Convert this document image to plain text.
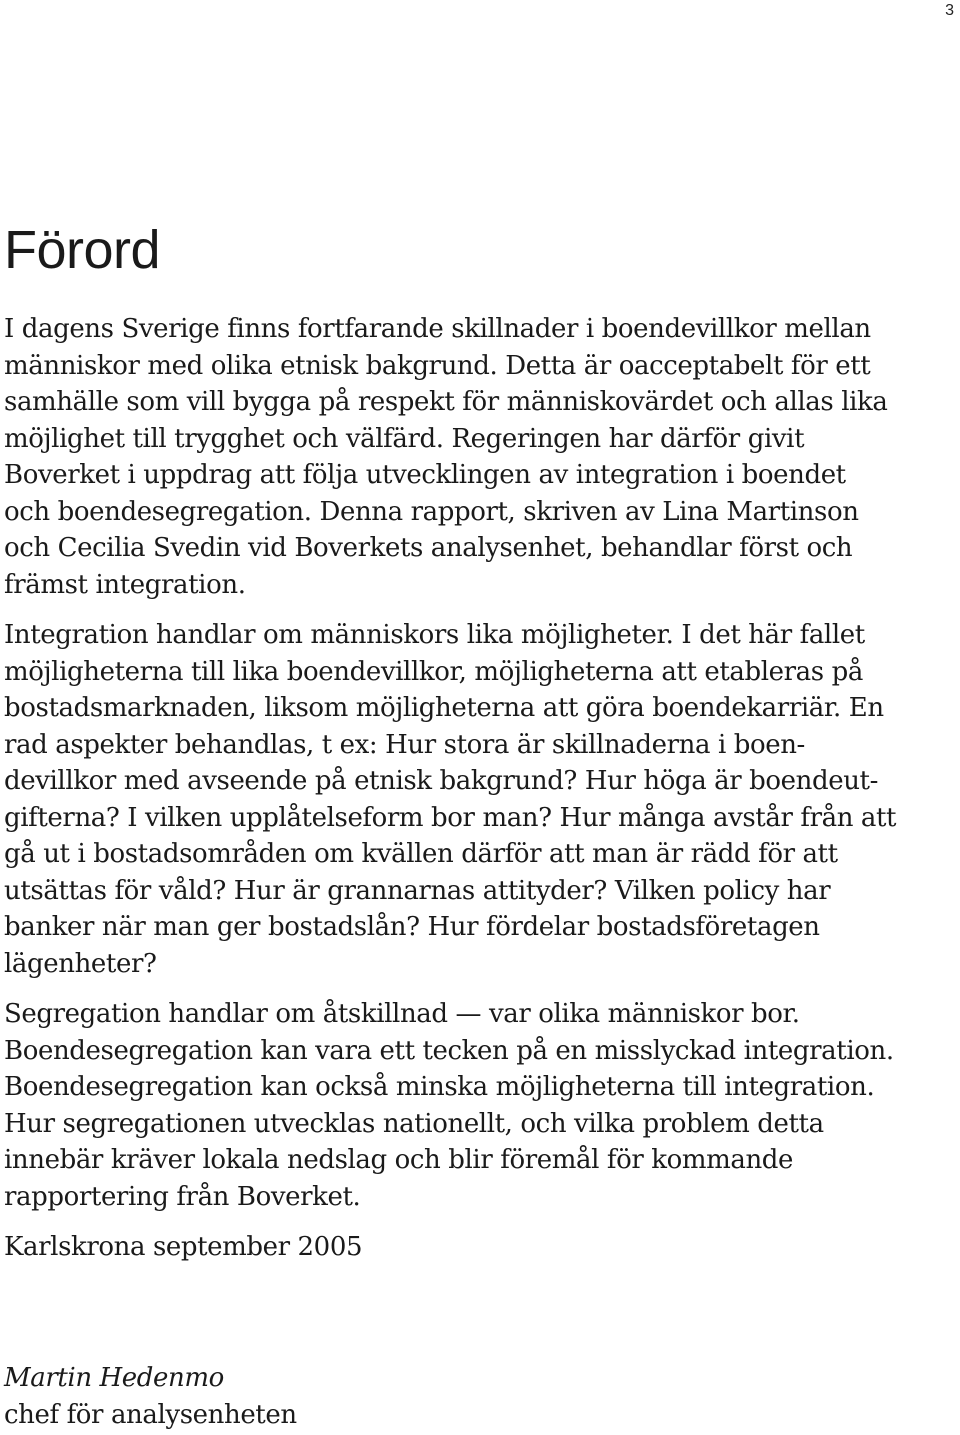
3
Förord

I dagens Sverige finns fortfarande skillnader i boendevillkor mellan
människor med olika etnisk bakgrund. Detta är oacceptabelt för ett
samhälle som vill bygga på respekt för människovärdet och allas lika
möjlighet till trygghet och välfärd. Regeringen har därför givit
Boverket i uppdrag att följa utvecklingen av integration i boendet
och boendesegregation. Denna rapport, skriven av Lina Martinson
och Cecilia Svedin vid Boverkets analysenhet, behandlar först och
främst integration.

Integration handlar om människors lika möjligheter. I det här fallet
möjligheterna till lika boendevillkor, möjligheterna att etableras på
bostadsmarknaden, liksom möjligheterna att göra boendekarriär. En
rad aspekter behandlas, t ex: Hur stora är skillnaderna i boen-
devillkor med avseende på etnisk bakgrund? Hur höga är boendeut-
gifterna? I vilken upplåtelseform bor man? Hur många avstår från att
gå ut i bostadsområden om kvällen därför att man är rädd för att
utsättas för våld? Hur är grannarnas attityder? Vilken policy har
banker när man ger bostadslån? Hur fördelar bostadsföretagen
lägenheter?

Segregation handlar om åtskillnad — var olika människor bor.
Boendesegregation kan vara ett tecken på en misslyckad integration.
Boendesegregation kan också minska möjligheterna till integration.
Hur segregationen utvecklas nationellt, och vilka problem detta
innebär kräver lokala nedslag och blir föremål för kommande
rapportering från Boverket.

Karlskrona september 2005

Martin Hedenmo
chef för analysenheten
